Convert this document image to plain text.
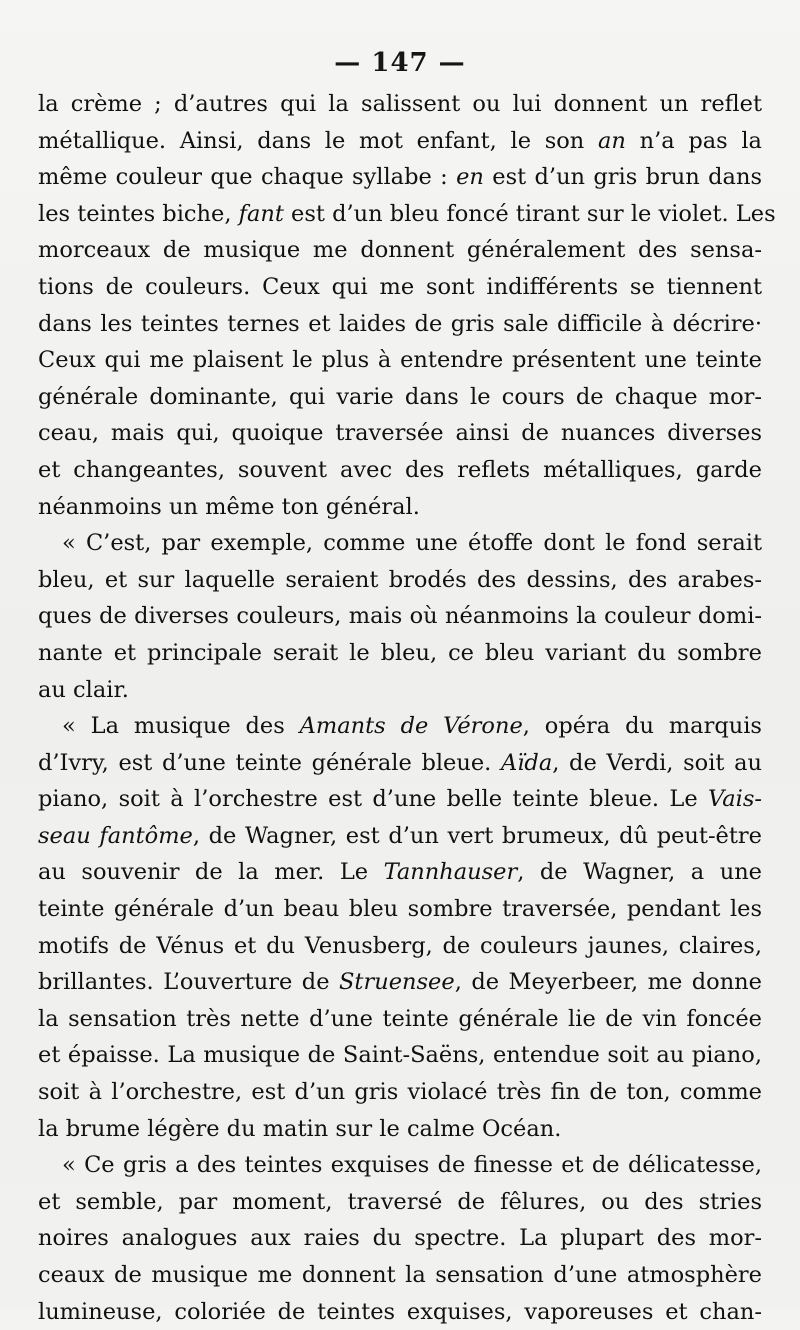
— 147 —
la crème ; d’autres qui la salissent ou lui donnent un reflet
métallique. Ainsi, dans le mot enfant, le son an n’a pas la
même couleur que chaque syllabe : en est d’un gris brun dans
les teintes biche, fant est d’un bleu foncé tirant sur le violet. Les
morceaux de musique me donnent généralement des sensa-
tions de couleurs. Ceux qui me sont indifférents se tiennent
dans les teintes ternes et laides de gris sale difficile à décrire·
Ceux qui me plaisent le plus à entendre présentent une teinte
générale dominante, qui varie dans le cours de chaque mor-
ceau, mais qui, quoique traversée ainsi de nuances diverses
et changeantes, souvent avec des reflets métalliques, garde
néanmoins un même ton général.
« C’est, par exemple, comme une étoffe dont le fond serait
bleu, et sur laquelle seraient brodés des dessins, des arabes-
ques de diverses couleurs, mais où néanmoins la couleur domi-
nante et principale serait le bleu, ce bleu variant du sombre
au clair.
« La musique des Amants de Vérone, opéra du marquis
d’Ivry, est d’une teinte générale bleue. Aïda, de Verdi, soit au
piano, soit à l’orchestre est d’une belle teinte bleue. Le Vais-
seau fantôme, de Wagner, est d’un vert brumeux, dû peut-être
au souvenir de la mer. Le Tannhauser, de Wagner, a une
teinte générale d’un beau bleu sombre traversée, pendant les
motifs de Vénus et du Venusberg, de couleurs jaunes, claires,
brillantes. L’ouverture de Struensee, de Meyerbeer, me donne
la sensation très nette d’une teinte générale lie de vin foncée
et épaisse. La musique de Saint-Saëns, entendue soit au piano,
soit à l’orchestre, est d’un gris violacé très fin de ton, comme
la brume légère du matin sur le calme Océan.
« Ce gris a des teintes exquises de finesse et de délicatesse,
et semble, par moment, traversé de fêlures, ou des stries
noires analogues aux raies du spectre. La plupart des mor-
ceaux de musique me donnent la sensation d’une atmosphère
lumineuse, coloriée de teintes exquises, vaporeuses et chan-
